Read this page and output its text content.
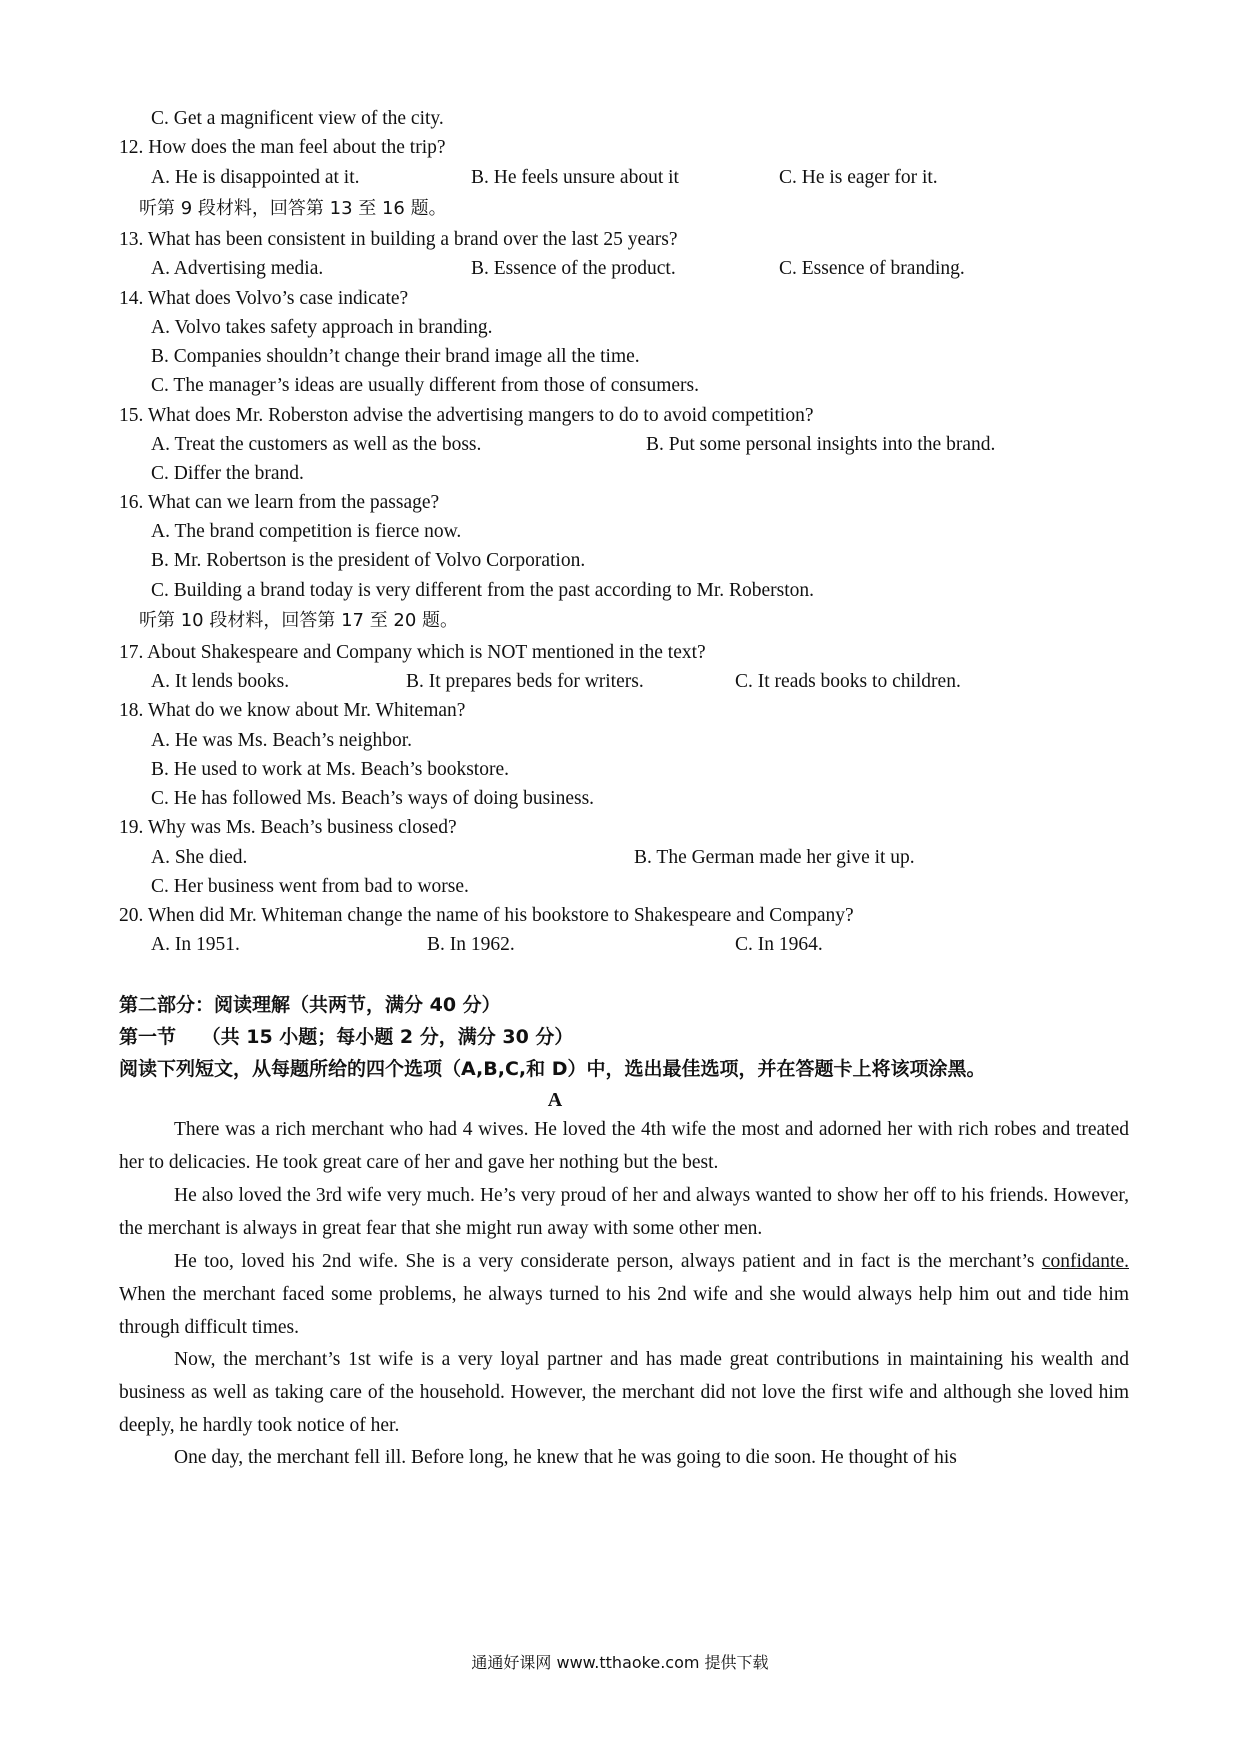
C. Get a magnificent view of the city.
12. How does the man feel about the trip?
A. He is disappointed at it.	B. He feels unsure about it	C. He is eager for it.
听第 9 段材料，回答第 13 至 16 题。
13. What has been consistent in building a brand over the last 25 years?
A. Advertising media.	B. Essence of the product.	C. Essence of branding.
14. What does Volvo’s case indicate?
A. Volvo takes safety approach in branding.
B. Companies shouldn’t change their brand image all the time.
C. The manager’s ideas are usually different from those of consumers.
15. What does Mr. Roberston advise the advertising mangers to do to avoid competition?
A. Treat the customers as well as the boss.	B. Put some personal insights into the brand.
C. Differ the brand.
16. What can we learn from the passage?
A. The brand competition is fierce now.
B. Mr. Robertson is the president of Volvo Corporation.
C. Building a brand today is very different from the past according to Mr. Roberston.
听第 10 段材料，回答第 17 至 20 题。
17. About Shakespeare and Company which is NOT mentioned in the text?
A. It lends books.	B. It prepares beds for writers.	C. It reads books to children.
18. What do we know about Mr. Whiteman?
A. He was Ms. Beach’s neighbor.
B. He used to work at Ms. Beach’s bookstore.
C. He has followed Ms. Beach’s ways of doing business.
19. Why was Ms. Beach’s business closed?
A. She died.	B. The German made her give it up.
C. Her business went from bad to worse.
20. When did Mr. Whiteman change the name of his bookstore to Shakespeare and Company?
A. In 1951.	B. In 1962.	C. In 1964.
第二部分：阅读理解（共两节，满分 40 分）
第一节　 （共 15 小题；每小题 2 分，满分 30 分）
阅读下列短文，从每题所给的四个选项（A,B,C,和 D）中，选出最佳选项，并在答题卡上将该项涂黑。
A

There was a rich merchant who had 4 wives. He loved the 4th wife the most and adorned her with rich robes and treated her to delicacies. He took great care of her and gave her nothing but the best.

He also loved the 3rd wife very much. He’s very proud of her and always wanted to show her off to his friends. However, the merchant is always in great fear that she might run away with some other men.

He too, loved his 2nd wife. She is a very considerate person, always patient and in fact is the merchant’s confidante. When the merchant faced some problems, he always turned to his 2nd wife and she would always help him out and tide him through difficult times.

Now, the merchant’s 1st wife is a very loyal partner and has made great contributions in maintaining his wealth and business as well as taking care of the household. However, the merchant did not love the first wife and although she loved him deeply, he hardly took notice of her.

One day, the merchant fell ill. Before long, he knew that he was going to die soon. He thought of his

通通好课网 www.tthaoke.com 提供下载
